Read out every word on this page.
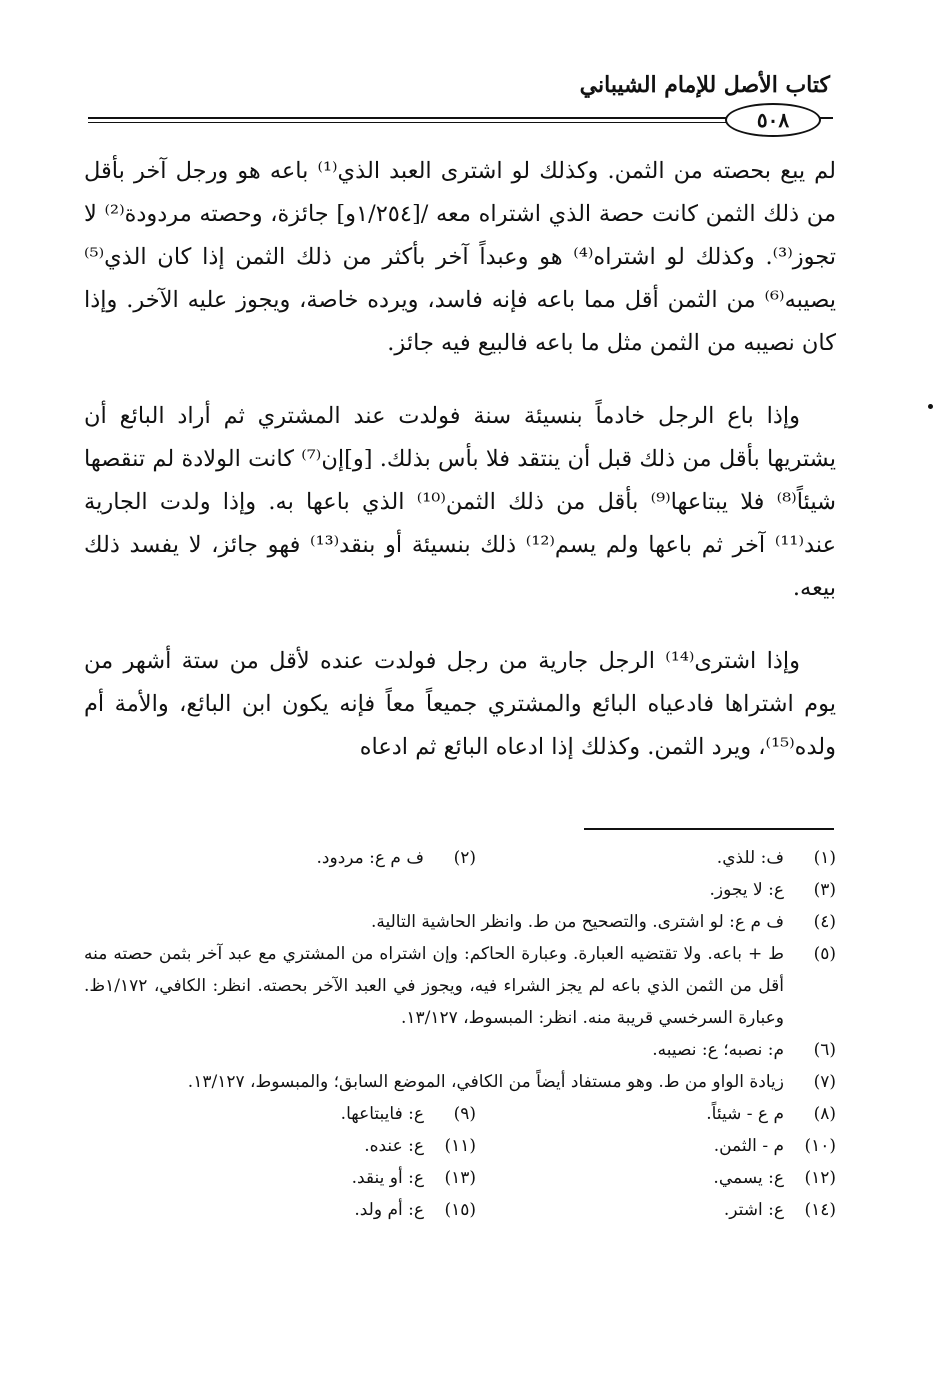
كتاب الأصل للإمام الشيباني
٥٠٨

لم يبع بحصته من الثمن. وكذلك لو اشترى العبد الذي⁽¹⁾ باعه هو ورجل آخر بأقل من ذلك الثمن كانت حصة الذي اشتراه معه /[١/٢٥٤و] جائزة، وحصته مردودة⁽²⁾ لا تجوز⁽³⁾. وكذلك لو اشتراه⁽⁴⁾ هو وعبداً آخر بأكثر من ذلك الثمن إذا كان الذي⁽⁵⁾ يصيبه⁽⁶⁾ من الثمن أقل مما باعه فإنه فاسد، ويرده خاصة، ويجوز عليه الآخر. وإذا كان نصيبه من الثمن مثل ما باعه فالبيع فيه جائز.

وإذا باع الرجل خادماً بنسيئة سنة فولدت عند المشتري ثم أراد البائع أن يشتريها بأقل من ذلك قبل أن ينتقد فلا بأس بذلك. [و]إن⁽⁷⁾ كانت الولادة لم تنقصها شيئاً⁽⁸⁾ فلا يبتاعها⁽⁹⁾ بأقل من ذلك الثمن⁽¹⁰⁾ الذي باعها به. وإذا ولدت الجارية عند⁽¹¹⁾ آخر ثم باعها ولم يسم⁽¹²⁾ ذلك بنسيئة أو بنقد⁽¹³⁾ فهو جائز، لا يفسد ذلك بيعه.

وإذا اشترى⁽¹⁴⁾ الرجل جارية من رجل فولدت عنده لأقل من ستة أشهر من يوم اشتراها فادعياه البائع والمشتري جميعاً معاً فإنه يكون ابن البائع، والأمة أم ولده⁽¹⁵⁾، ويرد الثمن. وكذلك إذا ادعاه البائع ثم ادعاه

(١)
ف: للذي.
(٢)
ف م ع: مردود.
(٣)
ع: لا يجوز.
(٤)
ف م ع: لو اشترى. والتصحيح من ط. وانظر الحاشية التالية.
(٥)
ط + باعه. ولا تقتضيه العبارة. وعبارة الحاكم: وإن اشتراه من المشتري مع عبد آخر بثمن حصته منه أقل من الثمن الذي باعه لم يجز الشراء فيه، ويجوز في العبد الآخر بحصته. انظر: الكافي، ١/١٧٢ظ. وعبارة السرخسي قريبة منه. انظر: المبسوط، ١٣/١٢٧.
(٦)
م: نصبه؛ ع: نصيبه.
(٧)
زيادة الواو من ط. وهو مستفاد أيضاً من الكافي، الموضع السابق؛ والمبسوط، ١٣/١٢٧.
(٨)
م ع - شيئاً.
(٩)
ع: فايبتاعها.
(١٠)
م - الثمن.
(١١)
ع: عنده.
(١٢)
ع: يسمي.
(١٣)
ع: أو ينقد.
(١٤)
ع: اشتر.
(١٥)
ع: أم ولد.
